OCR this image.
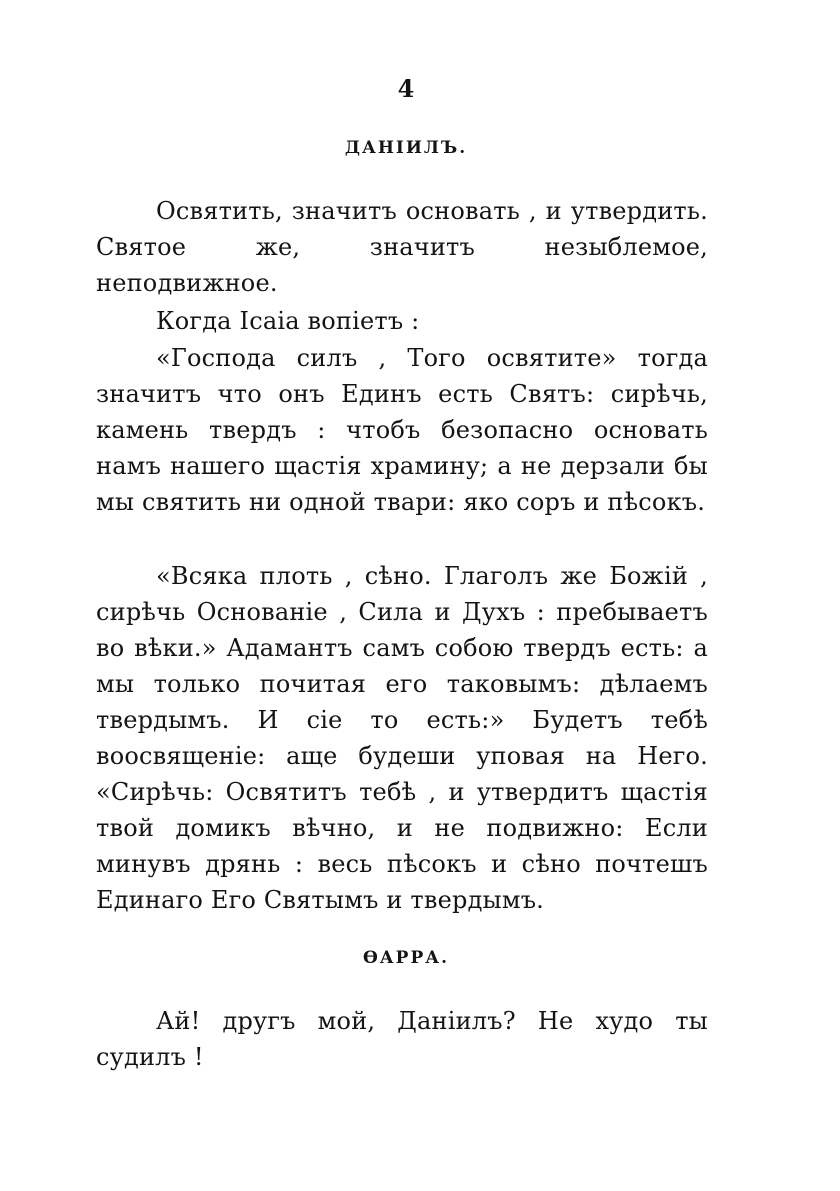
4
ДАНІИЛЪ.

Освятить, значитъ основать , и утвердить. Святое же, значитъ незыблемое, неподвижное.

Когда Ісаіа вопіетъ :

«Господа силъ , Того освятите» тогда значитъ что онъ Единъ есть Святъ: сирѣчь, камень твердъ : чтобъ безопасно основать намъ нашего щастія храмину; а не дерзали бы мы святить ни одной твари: яко соръ и пѣсокъ.

«Всяка плоть , сѣно. Глаголъ же Божій , сирѣчь Основаніе , Сила и Духъ : пребываетъ во вѣки.» Адамантъ самъ собою твердъ есть: а мы только почитая его таковымъ: дѣлаемъ твердымъ. И сіе то есть:» Будетъ тебѣ воосвященіе: аще будеши уповая на Него. «Сирѣчь: Освятитъ тебѣ , и утвердитъ щастія твой домикъ вѣчно, и не подвижно: Если минувъ дрянь : весь пѣсокъ и сѣно почтешъ Единаго Его Святымъ и твердымъ.

ѲАРРА.

Ай! другъ мой, Даніилъ? Не худо ты судилъ !
